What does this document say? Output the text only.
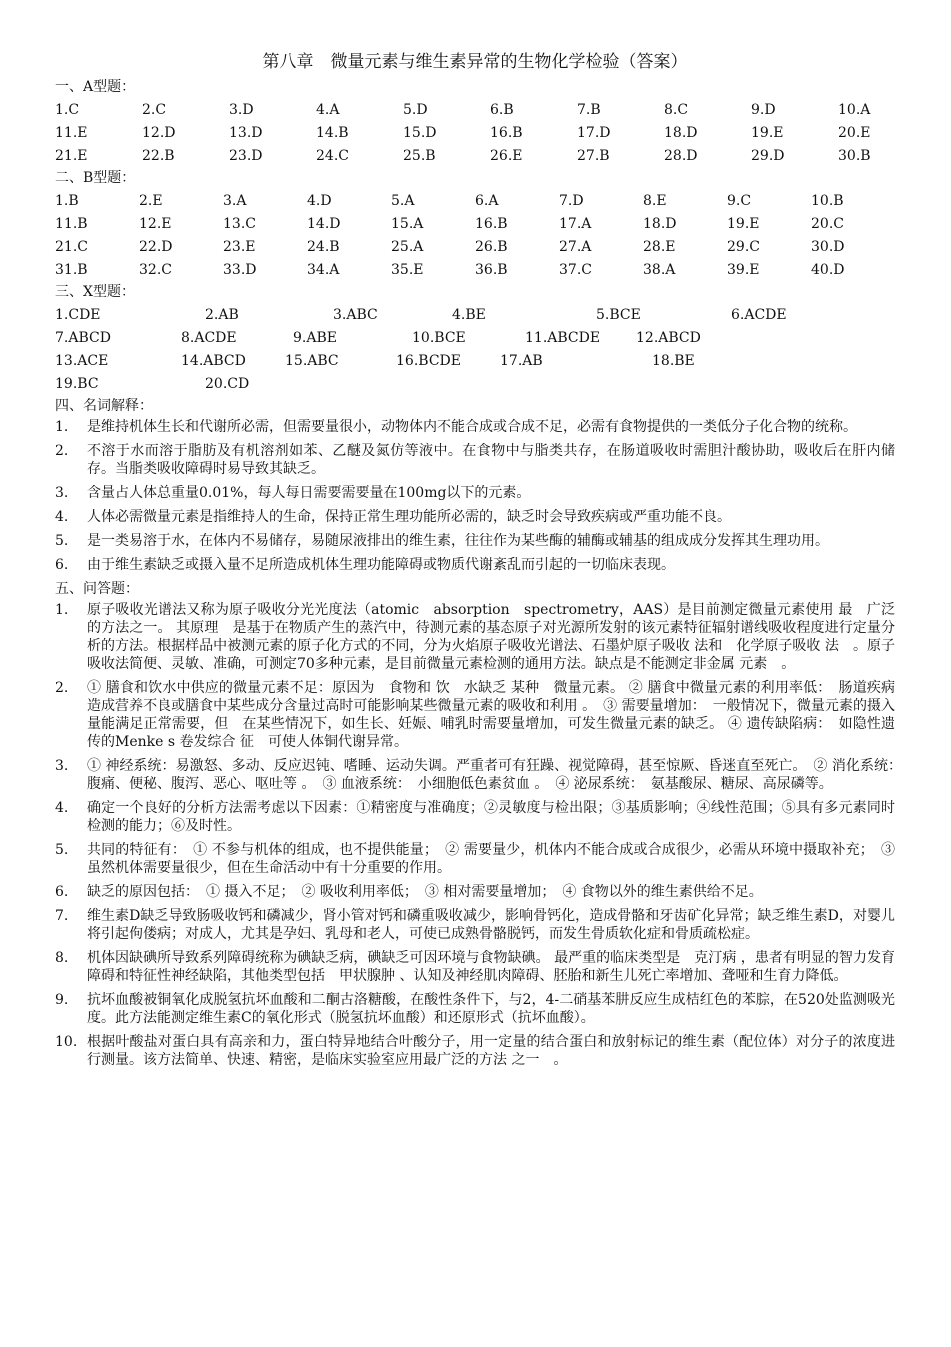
第八章　微量元素与维生素异常的生物化学检验（答案）
一、A型题：
1.C	2.C	3.D	4.A	5.D	6.B	7.B	8.C	9.D	10.A
11.E	12.D	13.D	14.B	15.D	16.B	17.D	18.D	19.E	20.E
21.E	22.B	23.D	24.C	25.B	26.E	27.B	28.D	29.D	30.B
二、B型题：
1.B	2.E	3.A	4.D	5.A	6.A	7.D	8.E	9.C	10.B
11.B	12.E	13.C	14.D	15.A	16.B	17.A	18.D	19.E	20.C
21.C	22.D	23.E	24.B	25.A	26.B	27.A	28.E	29.C	30.D
31.B	32.C	33.D	34.A	35.E	36.B	37.C	38.A	39.E	40.D
三、X型题：
1.CDE	2.AB	3.ABC	4.BE	5.BCE	6.ACDE
7.ABCD	8.ACDE	9.ABE	10.BCE	11.ABCDE	12.ABCD
13.ACE	14.ABCD	15.ABC	16.BCDE	17.AB	18.BE
19.BC	20.CD
四、名词解释：
1.	是维持机体生长和代谢所必需，但需要量很小，动物体内不能合成或合成不足，必需有食物提供的一类低分子化合物的统称。
2.	不溶于水而溶于脂肪及有机溶剂如苯、乙醚及氮仿等液中。在食物中与脂类共存，在肠道吸收时需胆汁酸协助，吸收后在肝内储存。当脂类吸收障碍时易导致其缺乏。
3.	含量占人体总重量0.01%，每人每日需要需要量在100mg以下的元素。
4.	人体必需微量元素是指维持人的生命，保持正常生理功能所必需的，缺乏时会导致疾病或严重功能不良。
5.	是一类易溶于水，在体内不易储存，易随尿液排出的维生素，往往作为某些酶的辅酶或辅基的组成成分发挥其生理功用。
6.	由于维生素缺乏或摄入量不足所造成机体生理功能障碍或物质代谢紊乱而引起的一切临床表现。
五、问答题：
1.	原子吸收光谱法又称为原子吸收分光光度法（atomic　absorption　spectrometry，AAS）是目前测定微量元素使用 最　广泛的方法之一。 其原理　是基于在物质产生的蒸汽中，待测元素的基态原子对光源所发射的该元素特征辐射谱线吸收程度进行定量分析的方法。根据样品中被测元素的原子化方式的不同，分为火焰原子吸收光谱法、石墨炉原子吸收 法和　化学原子吸收 法　。原子吸收法简便、灵敏、准确，可测定70多种元素，是目前微量元素检测的通用方法。缺点是不能测定非金属 元素　。
2.	① 膳食和饮水中供应的微量元素不足：原因为　食物和 饮　水缺乏 某种　微量元素。 ② 膳食中微量元素的利用率低：　肠道疾病造成营养不良或膳食中某些成分含量过高时可能影响某些微量元素的吸收和利用 。　③ 需要量增加：　一般情况下，微量元素的摄入量能满足正常需要，但　在某些情况下，如生长、妊娠、哺乳时需要量增加，可发生微量元素的缺乏。 ④ 遗传缺陷病：　如隐性遗传的Menke s 卷发综合 征　可使人体铜代谢异常。
3.	① 神经系统：易激怒、多动、反应迟钝、嗜睡、运动失调。严重者可有狂躁、视觉障碍，甚至惊厥、昏迷直至死亡。　② 消化系统：　腹痛、便秘、腹泻、恶心、呕吐等 。　③ 血液系统：　小细胞低色素贫血 。　④ 泌尿系统：　氨基酸尿、糖尿、高尿磷等。
4.	确定一个良好的分析方法需考虑以下因素：①精密度与准确度；②灵敏度与检出限；③基质影响；④线性范围；⑤具有多元素同时检测的能力；⑥及时性。
5.	共同的特征有：　① 不参与机体的组成，也不提供能量；　② 需要量少，机体内不能合成或合成很少，必需从环境中摄取补充；　③ 虽然机体需要量很少，但在生命活动中有十分重要的作用。
6.	缺乏的原因包括：　① 摄入不足；　② 吸收利用率低；　③ 相对需要量增加；　④ 食物以外的维生素供给不足。
7.	维生素D缺乏导致肠吸收钙和磷减少，肾小管对钙和磷重吸收减少，影响骨钙化，造成骨骼和牙齿矿化异常；缺乏维生素D，对婴儿将引起佝偻病；对成人，尤其是孕妇、乳母和老人，可使已成熟骨骼脱钙，而发生骨质软化症和骨质疏松症。
8.	机体因缺碘所导致系列障碍统称为碘缺乏病，碘缺乏可因环境与食物缺碘。 最严重的临床类型是　克汀病 ，患者有明显的智力发育障碍和特征性神经缺陷，其他类型包括　甲状腺肿 、认知及神经肌肉障碍、胚胎和新生儿死亡率增加、聋哑和生育力降低。
9.	抗坏血酸被铜氧化成脱氢抗坏血酸和二酮古洛糖酸，在酸性条件下，与2，4-二硝基苯肼反应生成桔红色的苯腙，在520处监测吸光度。此方法能测定维生素C的氧化形式（脱氢抗坏血酸）和还原形式（抗坏血酸）。
10. 根据叶酸盐对蛋白具有高亲和力，蛋白特异地结合叶酸分子，用一定量的结合蛋白和放射标记的维生素（配位体）对分子的浓度进行测量。该方法简单、快速、精密，是临床实验室应用最广泛的方法 之一　。
